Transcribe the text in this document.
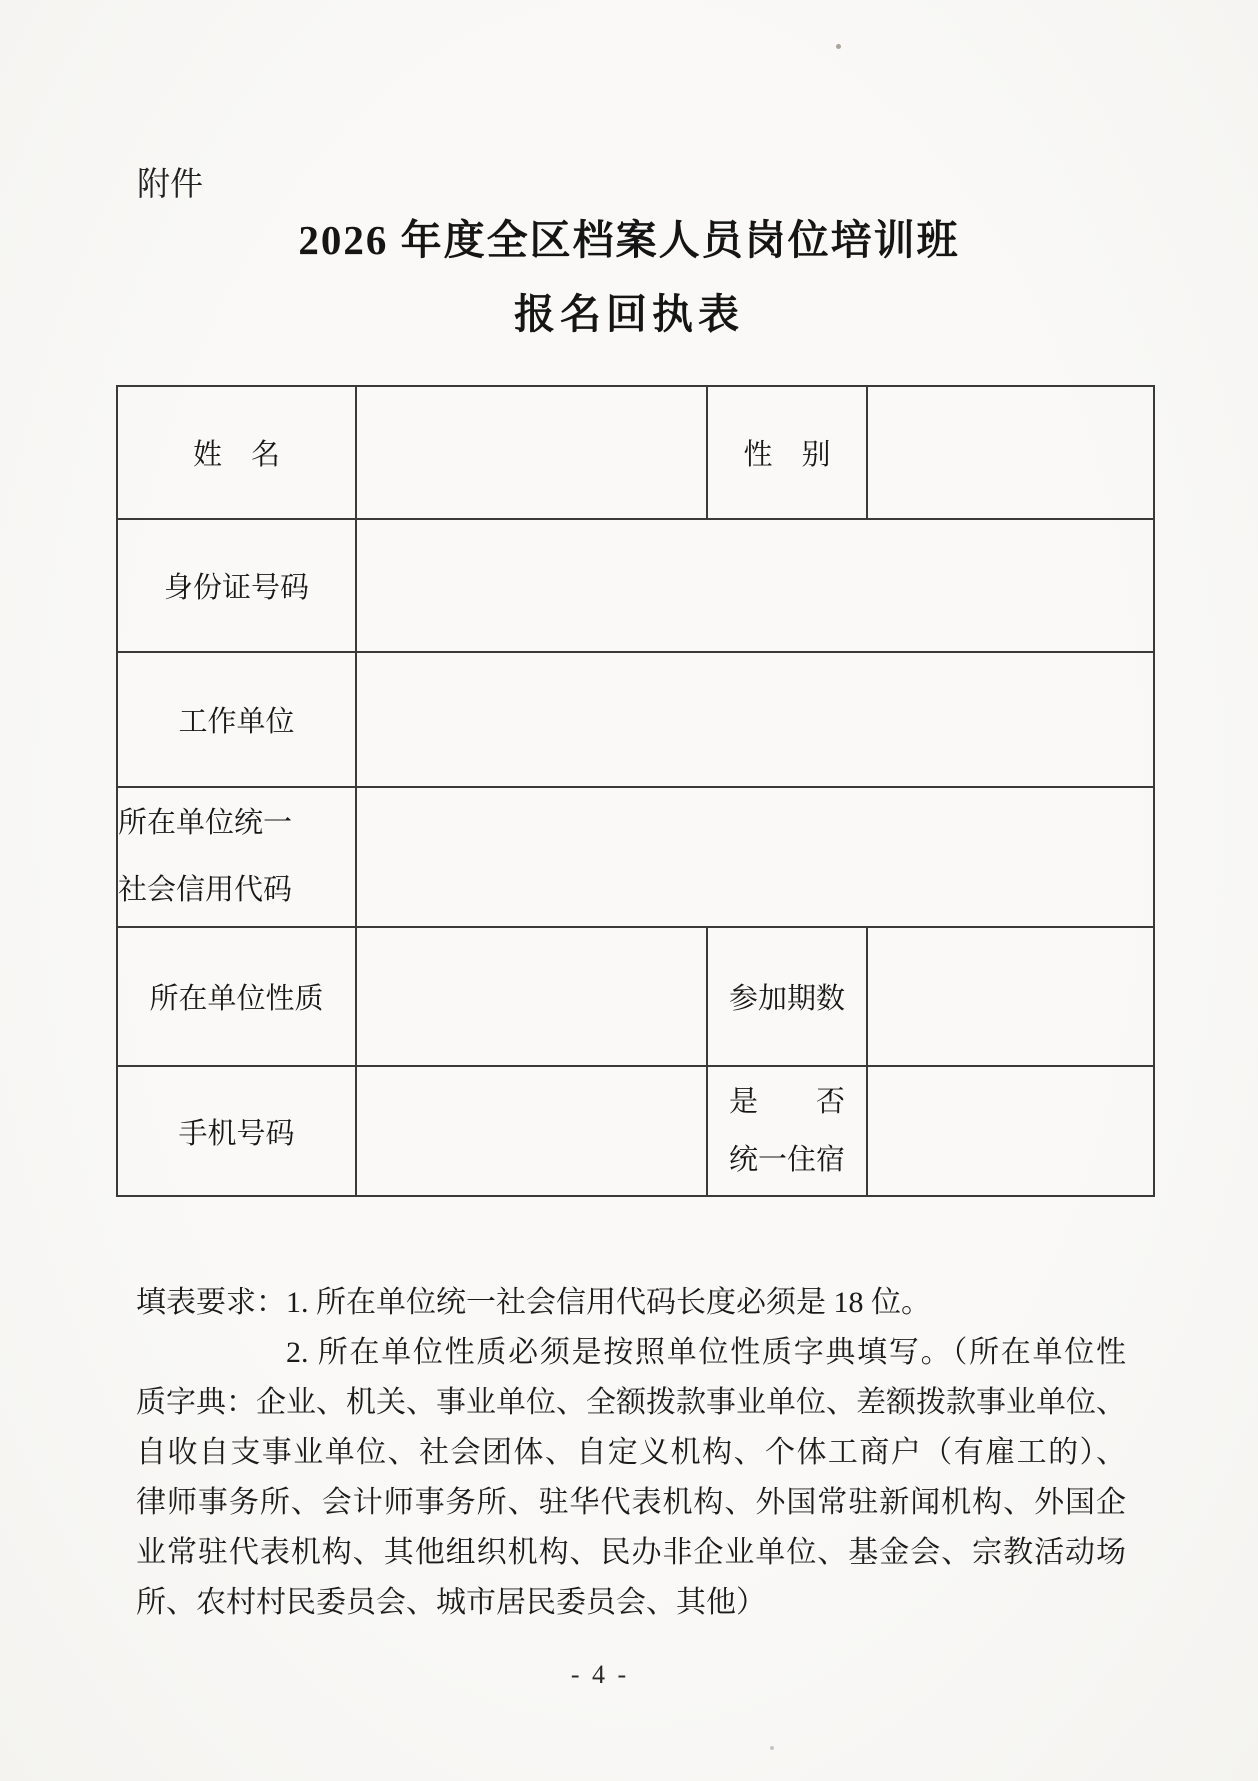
附件
2026 年度全区档案人员岗位培训班
报名回执表
姓　名		性　别	
身份证号码			
工作单位			

所在单位统一
社会信用代码			

所在单位性质		参加期数	
手机号码		是　　否
统一住宿	

填表要求：1. 所在单位统一社会信用代码长度必须是 18 位。
2. 所在单位性质必须是按照单位性质字典填写。（所在单位性
质字典：企业、机关、事业单位、全额拨款事业单位、差额拨款事业单位、
自收自支事业单位、社会团体、自定义机构、个体工商户（有雇工的）、
律师事务所、会计师事务所、驻华代表机构、外国常驻新闻机构、外国企
业常驻代表机构、其他组织机构、民办非企业单位、基金会、宗教活动场
所、农村村民委员会、城市居民委员会、其他）
- 4 -
